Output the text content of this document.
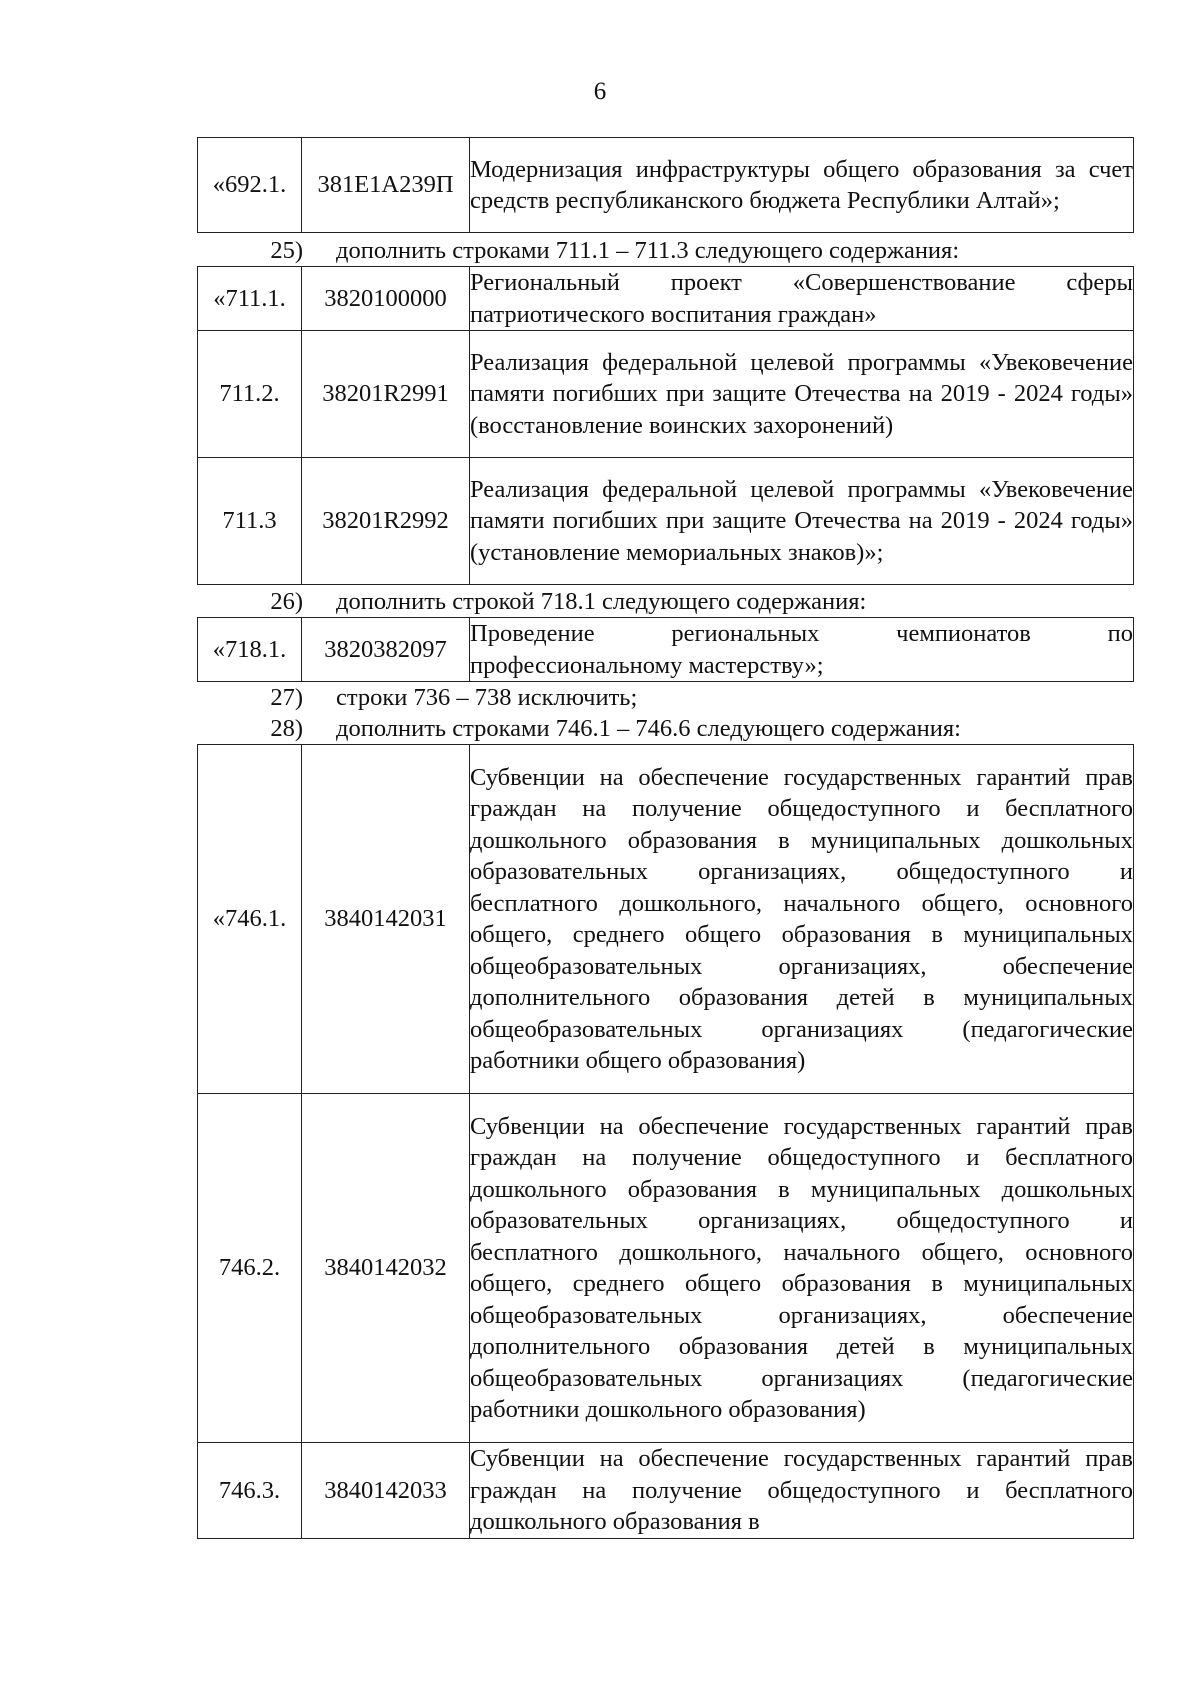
6
«692.1.	381E1A239П	Модернизация инфраструктуры общего образования за счет средств республиканского бюджета Республики Алтай»;
25) дополнить строками 711.1 – 711.3 следующего содержания:
«711.1.	3820100000	Региональный проект «Совершенствование сферы патриотического воспитания граждан»
711.2.	38201R2991	Реализация федеральной целевой программы «Увековечение памяти погибших при защите Отечества на 2019 - 2024 годы» (восстановление воинских захоронений)
711.3	38201R2992	Реализация федеральной целевой программы «Увековечение памяти погибших при защите Отечества на 2019 - 2024 годы» (установление мемориальных знаков)»;
26) дополнить строкой 718.1 следующего содержания:
«718.1.	3820382097	Проведение региональных чемпионатов по профессиональному мастерству»;
27) строки 736 – 738 исключить;
28) дополнить строками 746.1 – 746.6 следующего содержания:
«746.1.	3840142031	Субвенции на обеспечение государственных гарантий прав граждан на получение общедоступного и бесплатного дошкольного образования в муниципальных дошкольных образовательных организациях, общедоступного и бесплатного дошкольного, начального общего, основного общего, среднего общего образования в муниципальных общеобразовательных организациях, обеспечение дополнительного образования детей в муниципальных общеобразовательных организациях (педагогические работники общего образования)
746.2.	3840142032	Субвенции на обеспечение государственных гарантий прав граждан на получение общедоступного и бесплатного дошкольного образования в муниципальных дошкольных образовательных организациях, общедоступного и бесплатного дошкольного, начального общего, основного общего, среднего общего образования в муниципальных общеобразовательных организациях, обеспечение дополнительного образования детей в муниципальных общеобразовательных организациях (педагогические работники дошкольного образования)
746.3.	3840142033	Субвенции на обеспечение государственных гарантий прав граждан на получение общедоступного и бесплатного дошкольного образования в
